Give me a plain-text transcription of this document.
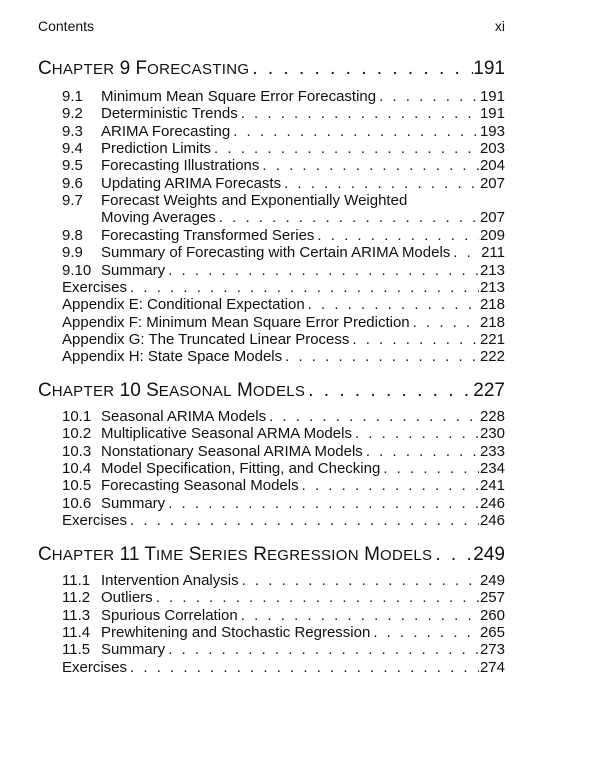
Contents	xi
CHAPTER 9 FORECASTING . . .	191
9.1	Minimum Mean Square Error Forecasting . . .	191
9.2	Deterministic Trends . . .	191
9.3	ARIMA Forecasting . . .	193
9.4	Prediction Limits . . .	203
9.5	Forecasting Illustrations . . .	204
9.6	Updating ARIMA Forecasts . . .	207
9.7	Forecast Weights and Exponentially Weighted
Moving Averages . . .	207
9.8	Forecasting Transformed Series . . .	209
9.9	Summary of Forecasting with Certain ARIMA Models . . . 211
9.10 Summary . . .	213
Exercises . . .	213
Appendix E: Conditional Expectation . . .	218
Appendix F: Minimum Mean Square Error Prediction . . .	218
Appendix G: The Truncated Linear Process . . .	221
Appendix H: State Space Models . . .	222
CHAPTER 10 SEASONAL MODELS . . .	227
10.1 Seasonal ARIMA Models . . .	228
10.2 Multiplicative Seasonal ARMA Models . . .	230
10.3 Nonstationary Seasonal ARIMA Models . . .	233
10.4 Model Specification, Fitting, and Checking . . .	234
10.5 Forecasting Seasonal Models . . .	241
10.6 Summary . . .	246
Exercises . . .	246
CHAPTER 11 TIME SERIES REGRESSION MODELS . . . 249
11.1 Intervention Analysis . . .	249
11.2 Outliers . . .	257
11.3 Spurious Correlation . . .	260
11.4 Prewhitening and Stochastic Regression . . .	265
11.5 Summary . . .	273
Exercises . . .	274
